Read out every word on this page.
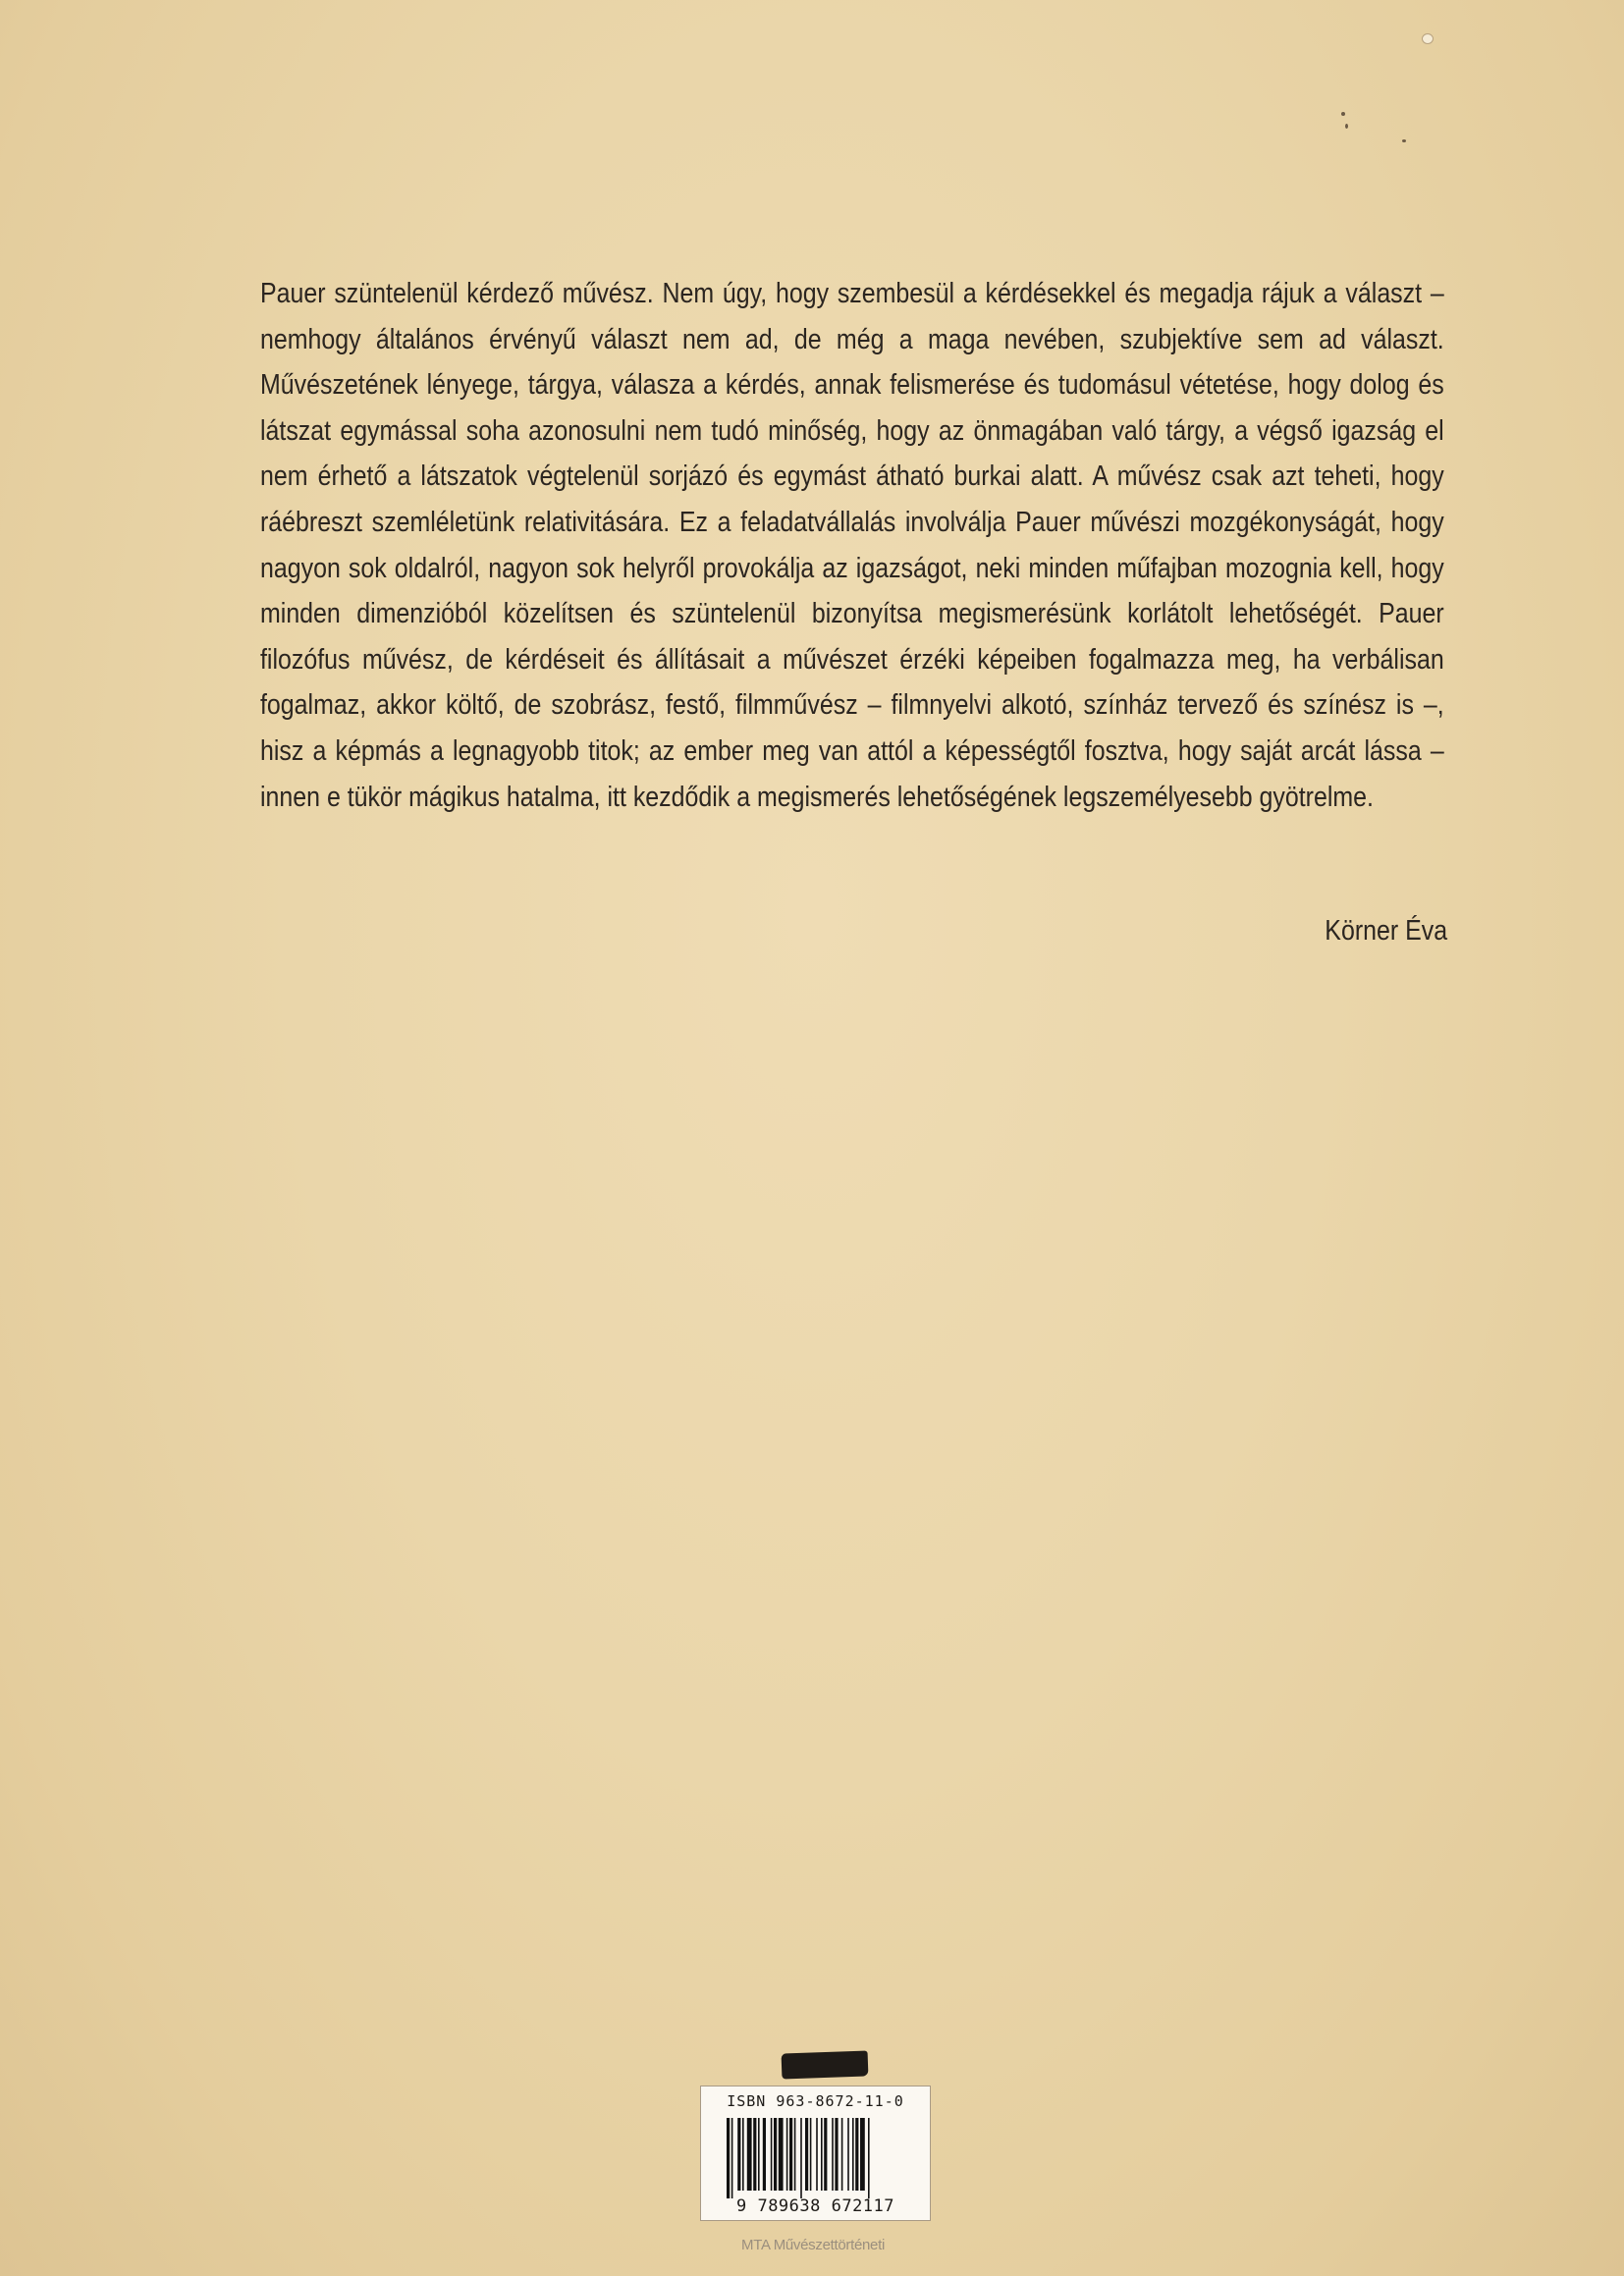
Pauer szüntelenül kérdező művész. Nem úgy, hogy szembesül a kérdésekkel és megadja rájuk a választ – nemhogy általános érvényű választ nem ad, de még a maga nevében, szubjektíve sem ad választ. Művészetének lényege, tárgya, válasza a kérdés, annak felismerése és tudomásul vétetése, hogy dolog és látszat egymással soha azonosulni nem tudó minőség, hogy az önmagában való tárgy, a végső igazság el nem érhető a látszatok végtelenül sorjázó és egymást átható burkai alatt. A művész csak azt teheti, hogy ráébreszt szemléletünk relativitására. Ez a feladatvállalás involválja Pauer művészi mozgékonyságát, hogy nagyon sok oldalról, nagyon sok helyről provokálja az igazságot, neki minden műfajban mozognia kell, hogy minden dimenzióból közelítsen és szüntelenül bizonyítsa megismerésünk korlátolt lehetőségét. Pauer filozófus művész, de kérdéseit és állításait a művészet érzéki képeiben fogalmazza meg, ha verbálisan fogalmaz, akkor költő, de szobrász, festő, filmművész – filmnyelvi alkotó, színház tervező és színész is –, hisz a képmás a legnagyobb titok; az ember meg van attól a képességtől fosztva, hogy saját arcát lássa – innen e tükör mágikus hatalma, itt kezdődik a megismerés lehetőségének legszemélyesebb gyötrelme.

Körner Éva
ISBN 963-8672-11-0
9 789638 672117
MTA Művészettörténeti
